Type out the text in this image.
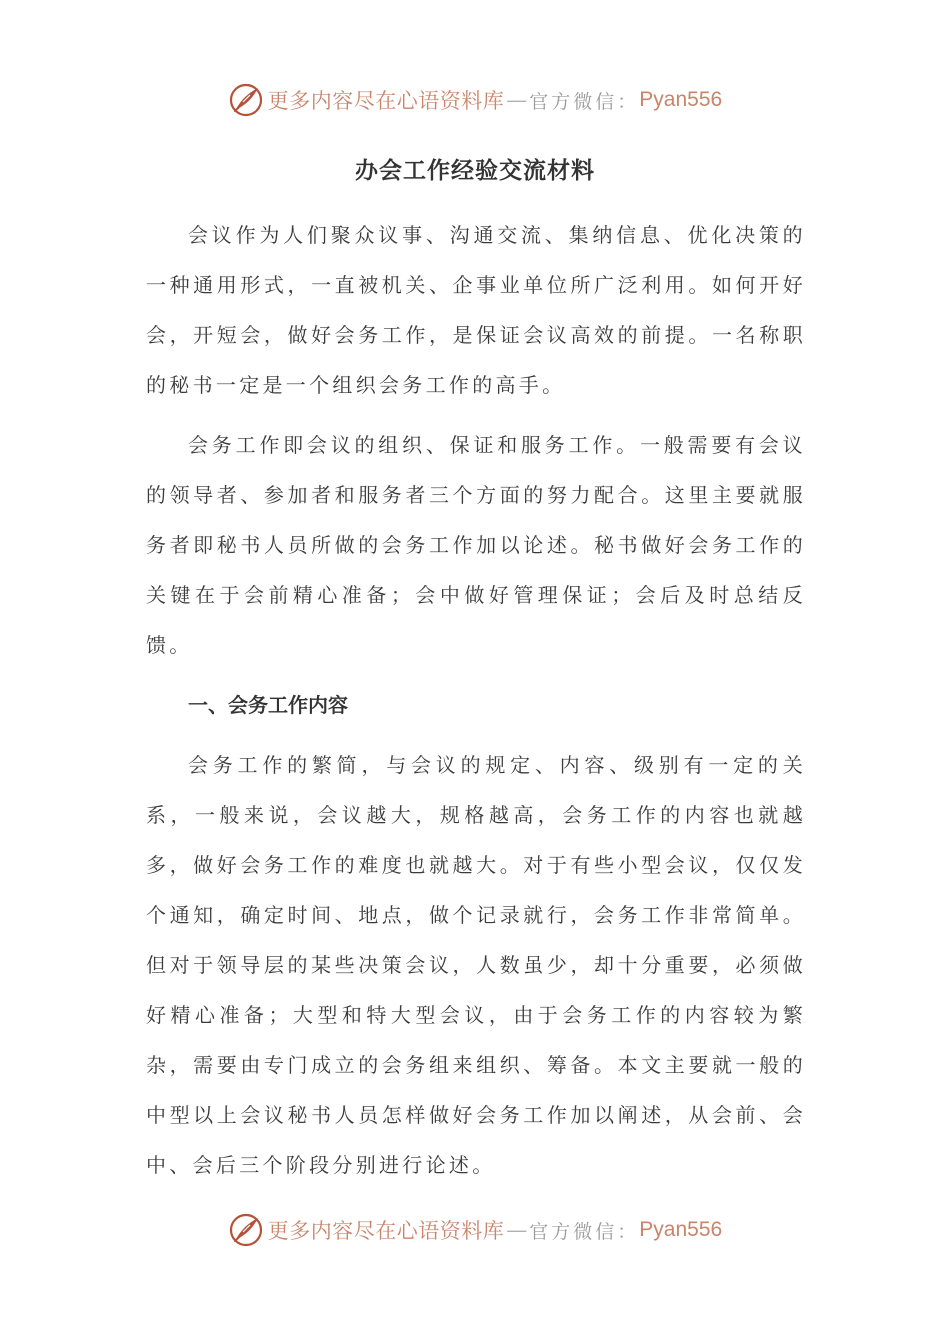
更多内容尽在心语资料库 — 官方微信： Pyan556
办会工作经验交流材料

会议作为人们聚众议事、沟通交流、集纳信息、优化决策的一种通用形式，一直被机关、企事业单位所广泛利用。如何开好会，开短会，做好会务工作，是保证会议高效的前提。一名称职的秘书一定是一个组织会务工作的高手。

会务工作即会议的组织、保证和服务工作。一般需要有会议的领导者、参加者和服务者三个方面的努力配合。这里主要就服务者即秘书人员所做的会务工作加以论述。秘书做好会务工作的关键在于会前精心准备；会中做好管理保证；会后及时总结反馈。

一、会务工作内容

会务工作的繁简，与会议的规定、内容、级别有一定的关系，一般来说，会议越大，规格越高，会务工作的内容也就越多，做好会务工作的难度也就越大。对于有些小型会议，仅仅发个通知，确定时间、地点，做个记录就行，会务工作非常简单。但对于领导层的某些决策会议，人数虽少，却十分重要，必须做好精心准备；大型和特大型会议，由于会务工作的内容较为繁杂，需要由专门成立的会务组来组织、筹备。本文主要就一般的中型以上会议秘书人员怎样做好会务工作加以阐述，从会前、会中、会后三个阶段分别进行论述。

更多内容尽在心语资料库 — 官方微信： Pyan556
